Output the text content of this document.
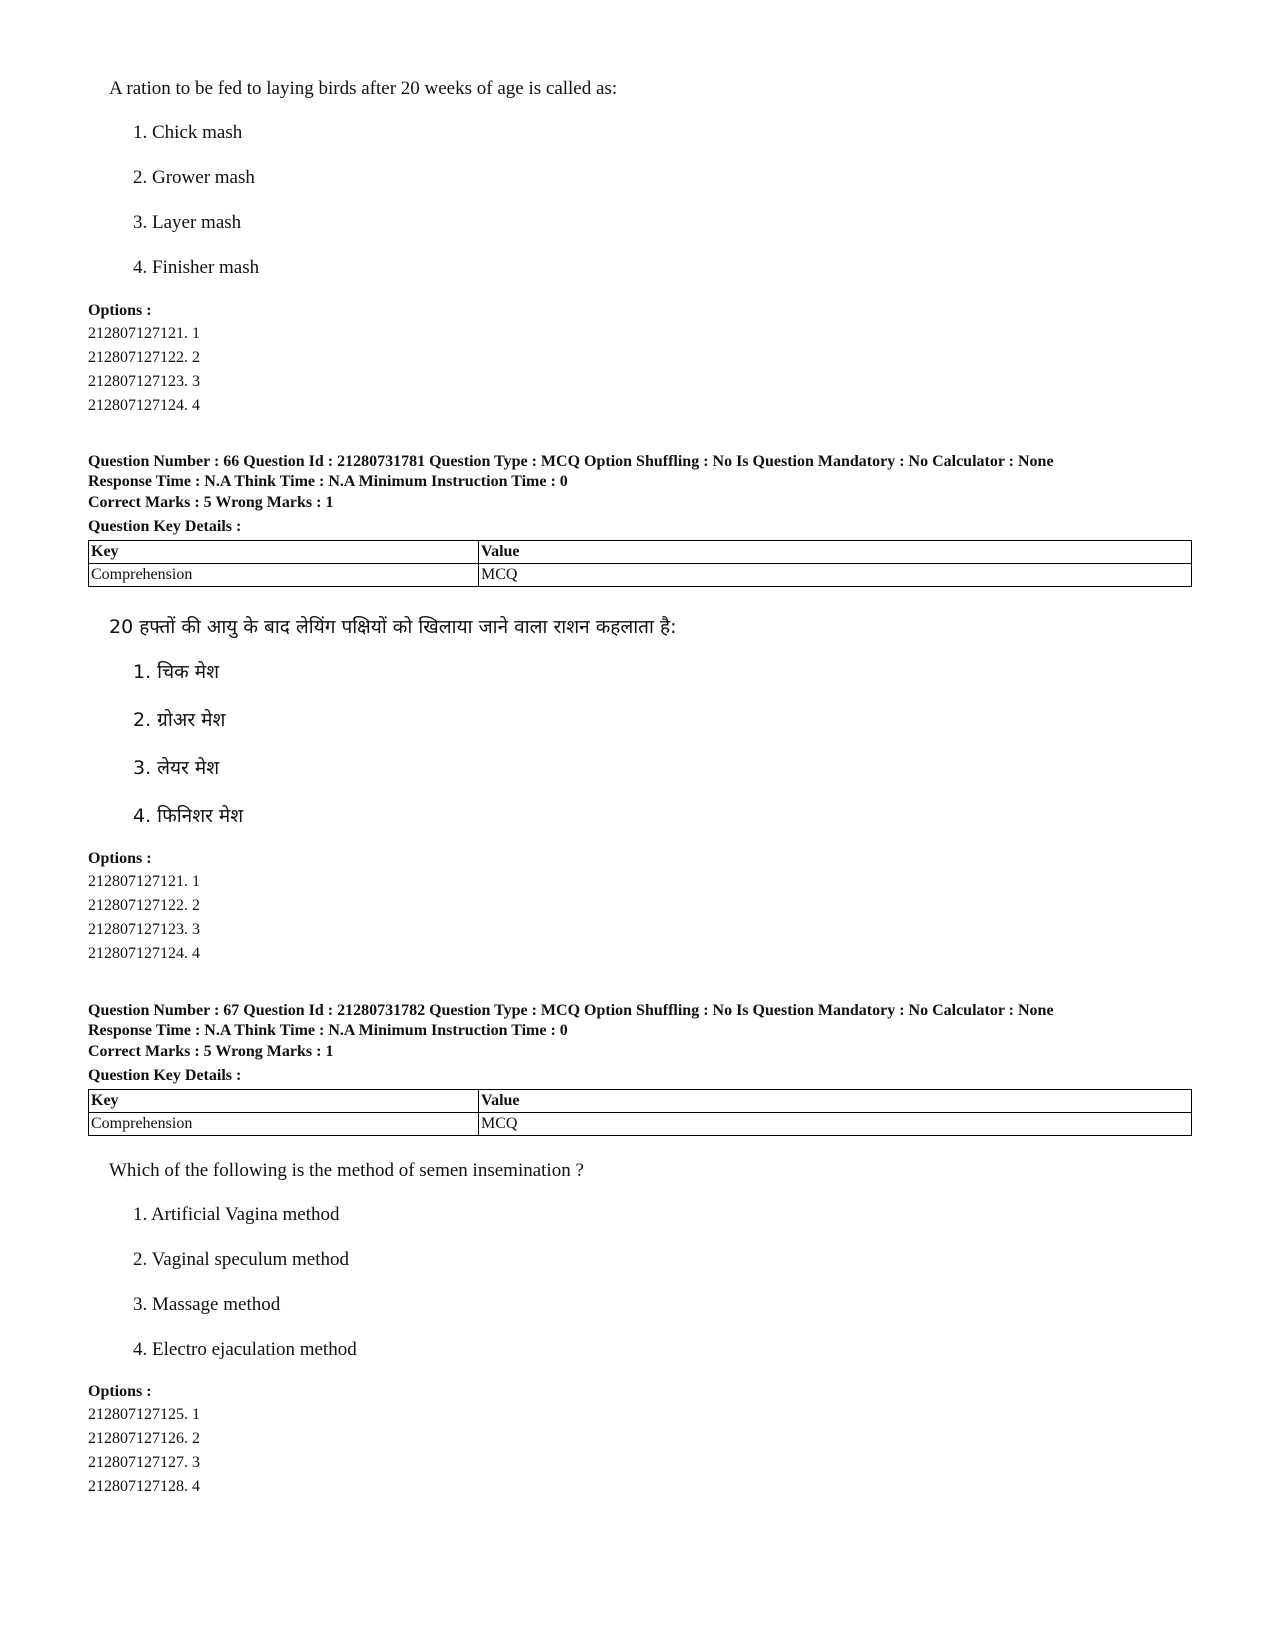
A ration to be fed to laying birds after 20 weeks of age is called as:
1. Chick mash
2. Grower mash
3. Layer mash
4. Finisher mash
Options :
212807127121. 1
212807127122. 2
212807127123. 3
212807127124. 4
Question Number : 66 Question Id : 21280731781 Question Type : MCQ Option Shuffling : No Is Question Mandatory : No Calculator : None
Response Time : N.A Think Time : N.A Minimum Instruction Time : 0
Correct Marks : 5 Wrong Marks : 1
Question Key Details :
Key	Value
Comprehension	MCQ
20 हफ्तों की आयु के बाद लेयिंग पक्षियों को खिलाया जाने वाला राशन कहलाता है:
1. चिक मेश
2. ग्रोअर मेश
3. लेयर मेश
4. फिनिशर मेश
Options :
212807127121. 1
212807127122. 2
212807127123. 3
212807127124. 4
Question Number : 67 Question Id : 21280731782 Question Type : MCQ Option Shuffling : No Is Question Mandatory : No Calculator : None
Response Time : N.A Think Time : N.A Minimum Instruction Time : 0
Correct Marks : 5 Wrong Marks : 1
Question Key Details :
Key	Value
Comprehension	MCQ
Which of the following is the method of semen insemination ?
1. Artificial Vagina method
2. Vaginal speculum method
3. Massage method
4. Electro ejaculation method
Options :
212807127125. 1
212807127126. 2
212807127127. 3
212807127128. 4
